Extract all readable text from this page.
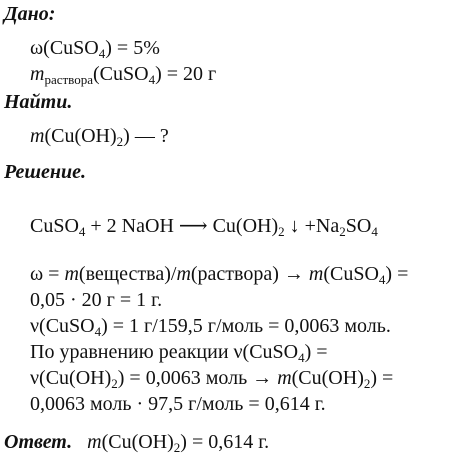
Дано:
ω(CuSO$_4$) = 5%
$m_{раствора}(CuSO_4) = 20$ г
Найти.
$m(Cu(OH)_2)$ — ?
Решение.
CuSO$_4$ + 2 NaOH ⟶ $Cu(OH)_2$ ↓ $+Na_2SO_4$
ω = m(вещества)/m(раствора) → m(CuSO$_4$) =
0,05 · 20 г = 1 г.
ν(CuSO$_4$) = 1 г/159,5 г/моль = 0,0063 моль.
По уравнению реакции ν(CuSO$_4$) =
$\nu(Cu(OH)_2) = 0,0063$ моль → $m(Cu(OH)_2)$ =
0,0063 моль · 97,5 г/моль = 0,614 г.
Ответ. $m(Cu(OH)_2) = 0,614$ г.
